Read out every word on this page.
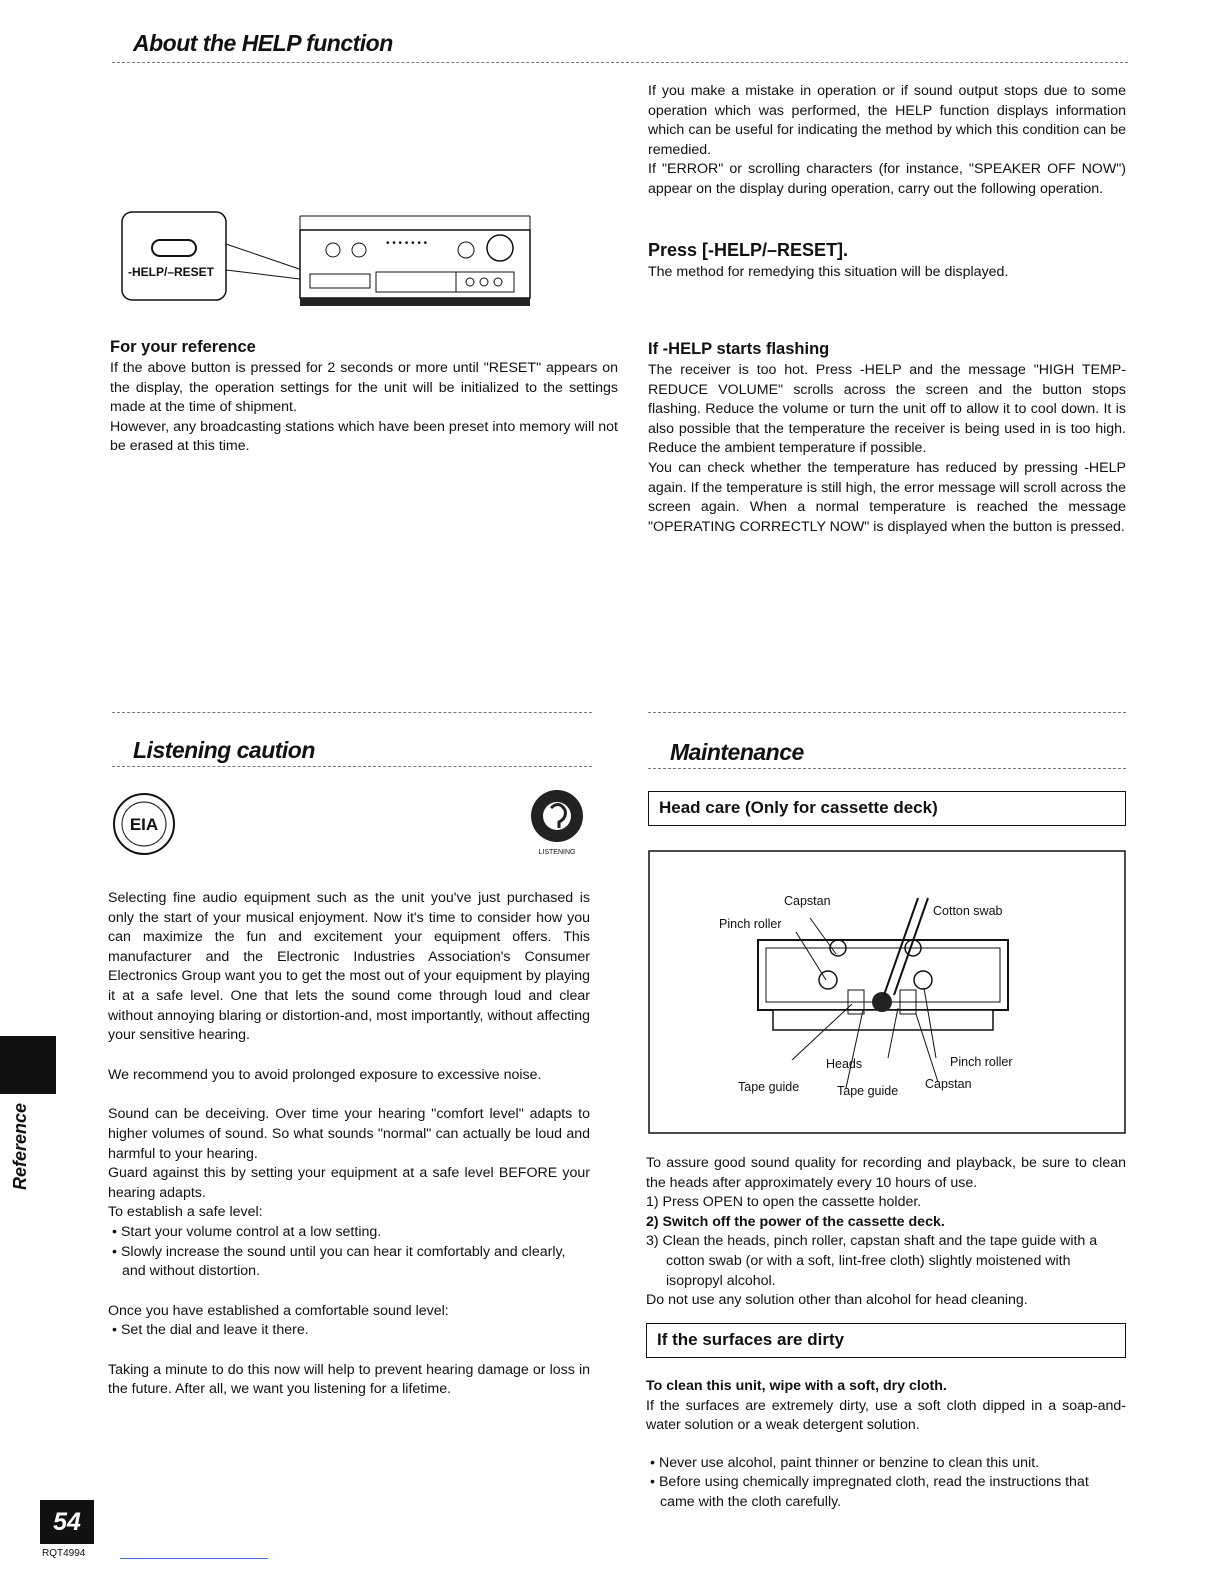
About the HELP function

If you make a mistake in operation or if sound output stops due to some operation which was performed, the HELP function displays information which can be useful for indicating the method by which this condition can be remedied.

If "ERROR" or scrolling characters (for instance, "SPEAKER OFF NOW") appear on the display during operation, carry out the following operation.

Press [-HELP/–RESET].

The method for remedying this situation will be displayed.

-HELP/–RESET
• • • • • • •

For your reference

If the above button is pressed for 2 seconds or more until "RESET" appears on the display, the operation settings for the unit will be initialized to the settings made at the time of shipment.

However, any broadcasting stations which have been preset into memory will not be erased at this time.

If -HELP starts flashing

The receiver is too hot. Press -HELP and the message "HIGH TEMP-REDUCE VOLUME" scrolls across the screen and the button stops flashing. Reduce the volume or turn the unit off to allow it to cool down. It is also possible that the temperature the receiver is being used in is too high. Reduce the ambient temperature if possible.

You can check whether the temperature has reduced by pressing -HELP again. If the temperature is still high, the error message will scroll across the screen again. When a normal temperature is reached the message "OPERATING CORRECTLY NOW" is displayed when the button is pressed.

Listening caution
EIA
LISTENING

Selecting fine audio equipment such as the unit you've just purchased is only the start of your musical enjoyment. Now it's time to consider how you can maximize the fun and excitement your equipment offers. This manufacturer and the Electronic Industries Association's Consumer Electronics Group want you to get the most out of your equipment by playing it at a safe level. One that lets the sound come through loud and clear without annoying blaring or distortion-and, most importantly, without affecting your sensitive hearing.

We recommend you to avoid prolonged exposure to excessive noise.

Sound can be deceiving. Over time your hearing "comfort level" adapts to higher volumes of sound. So what sounds "normal" can actually be loud and harmful to your hearing.

Guard against this by setting your equipment at a safe level BEFORE your hearing adapts.

To establish a safe level:

• Start your volume control at a low setting.
• Slowly increase the sound until you can hear it comfortably and clearly, and without distortion.

Once you have established a comfortable sound level:

• Set the dial and leave it there.

Taking a minute to do this now will help to prevent hearing damage or loss in the future. After all, we want you listening for a lifetime.

Maintenance
Head care (Only for cassette deck)
Capstan
Pinch roller
Cotton swab
Heads	Pinch roller
Tape guide	Tape guide Capstan

To assure good sound quality for recording and playback, be sure to clean the heads after approximately every 10 hours of use.

1) Press OPEN to open the cassette holder.
2) Switch off the power of the cassette deck.
3) Clean the heads, pinch roller, capstan shaft and the tape guide with a cotton swab (or with a soft, lint-free cloth) slightly moistened with isopropyl alcohol.

Do not use any solution other than alcohol for head cleaning.

If the surfaces are dirty

To clean this unit, wipe with a soft, dry cloth.

If the surfaces are extremely dirty, use a soft cloth dipped in a soap-and-water solution or a weak detergent solution.

• Never use alcohol, paint thinner or benzine to clean this unit.
• Before using chemically impregnated cloth, read the instructions that came with the cloth carefully.
Reference
54
RQT4994
